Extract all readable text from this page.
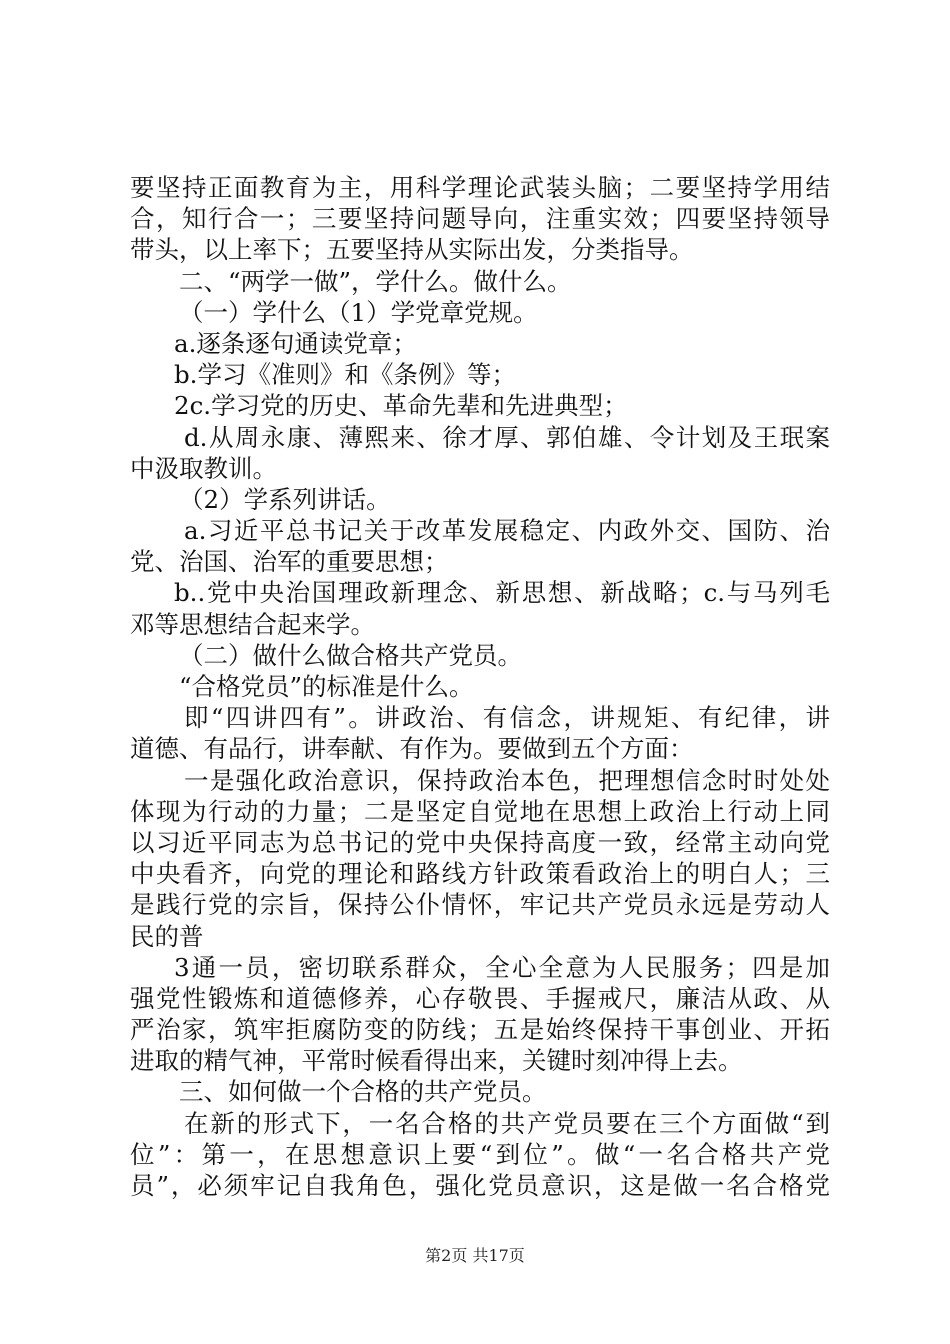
要坚持正面教育为主，用科学理论武装头脑；二要坚持学用结
合，知行合一；三要坚持问题导向，注重实效；四要坚持领导
带头，以上率下；五要坚持从实际出发，分类指导。
二、“两学一做”，学什么。做什么。
（一）学什么（1）学党章党规。
a.逐条逐句通读党章；
b.学习《准则》和《条例》等；
2c.学习党的历史、革命先辈和先进典型；
d.从周永康、薄熙来、徐才厚、郭伯雄、令计划及王珉案
中汲取教训。
（2）学系列讲话。
a.习近平总书记关于改革发展稳定、内政外交、国防、治
党、治国、治军的重要思想；
b..党中央治国理政新理念、新思想、新战略；c.与马列毛
邓等思想结合起来学。
（二）做什么做合格共产党员。
“合格党员”的标准是什么。
即“四讲四有”。讲政治、有信念，讲规矩、有纪律，讲
道德、有品行，讲奉献、有作为。要做到五个方面：
一是强化政治意识，保持政治本色，把理想信念时时处处
体现为行动的力量；二是坚定自觉地在思想上政治上行动上同
以习近平同志为总书记的党中央保持高度一致，经常主动向党
中央看齐，向党的理论和路线方针政策看政治上的明白人；三
是践行党的宗旨，保持公仆情怀，牢记共产党员永远是劳动人
民的普
3通一员，密切联系群众，全心全意为人民服务；四是加
强党性锻炼和道德修养，心存敬畏、手握戒尺，廉洁从政、从
严治家，筑牢拒腐防变的防线；五是始终保持干事创业、开拓
进取的精气神，平常时候看得出来，关键时刻冲得上去。
三、如何做一个合格的共产党员。
在新的形式下，一名合格的共产党员要在三个方面做“到
位”：第一，在思想意识上要“到位”。做“一名合格共产党
员”，必须牢记自我角色，强化党员意识，这是做一名合格党
第2页 共17页
